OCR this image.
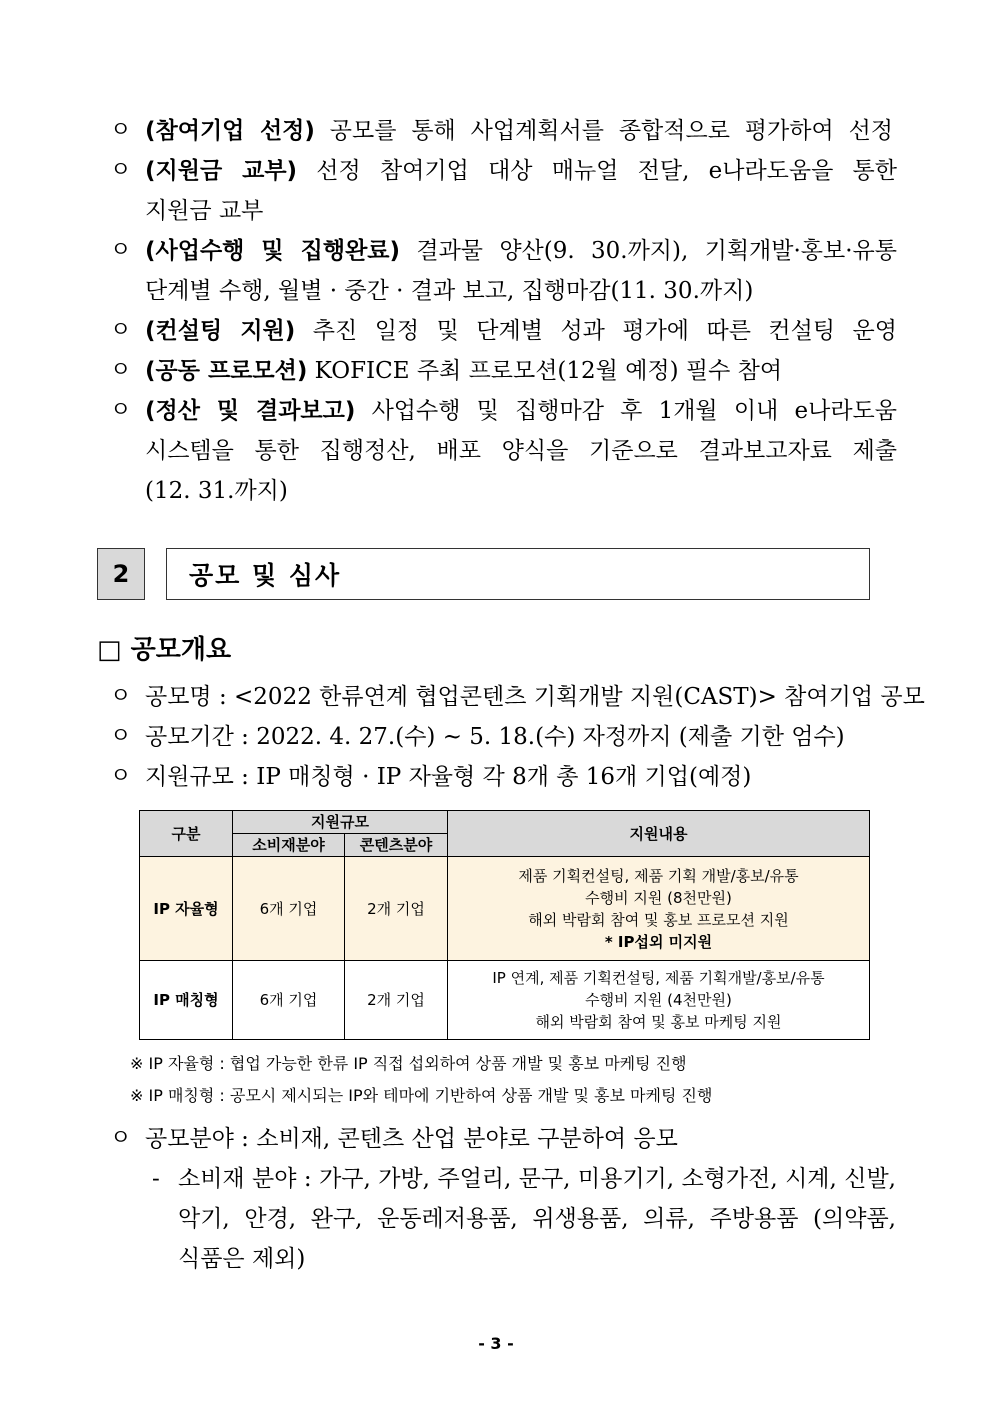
ㅇ (참여기업 선정) 공모를 통해 사업계획서를 종합적으로 평가하여 선정
ㅇ (지원금 교부) 선정 참여기업 대상 매뉴얼 전달, e나라도움을 통한
지원금 교부
ㅇ (사업수행 및 집행완료) 결과물 양산(9. 30.까지), 기획개발·홍보·유통
단계별 수행, 월별 · 중간 · 결과 보고, 집행마감(11. 30.까지)
ㅇ (컨설팅 지원) 추진 일정 및 단계별 성과 평가에 따른 컨설팅 운영
ㅇ (공동 프로모션) KOFICE 주최 프로모션(12월 예정) 필수 참여
ㅇ (정산 및 결과보고) 사업수행 및 집행마감 후 1개월 이내 e나라도움
시스템을 통한 집행정산, 배포 양식을 기준으로 결과보고자료 제출
(12. 31.까지)
2	공모 및 심사
□ 공모개요
ㅇ 공모명 : <2022 한류연계 협업콘텐츠 기획개발 지원(CAST)> 참여기업 공모
ㅇ 공모기간 : 2022. 4. 27.(수) ~ 5. 18.(수) 자정까지 (제출 기한 엄수)
ㅇ 지원규모 : IP 매칭형 · IP 자율형 각 8개 총 16개 기업(예정)
구분	지원규모		지원내용
	소비재분야	콘텐츠분야	
IP 자율형	6개 기업	2개 기업	제품 기획컨설팅, 제품 기획 개발/홍보/유통
수행비 지원 (8천만원)
해외 박람회 참여 및 홍보 프로모션 지원
* IP섭외 미지원

IP 매칭형	6개 기업	2개 기업	IP 연계, 제품 기획컨설팅, 제품 기획개발/홍보/유통
수행비 지원 (4천만원)
해외 박람회 참여 및 홍보 마케팅 지원
※ IP 자율형 : 협업 가능한 한류 IP 직접 섭외하여 상품 개발 및 홍보 마케팅 진행
※ IP 매칭형 : 공모시 제시되는 IP와 테마에 기반하여 상품 개발 및 홍보 마케팅 진행
ㅇ 공모분야 : 소비재, 콘텐츠 산업 분야로 구분하여 응모
- 소비재 분야 : 가구, 가방, 주얼리, 문구, 미용기기, 소형가전, 시계, 신발,
악기, 안경, 완구, 운동레저용품, 위생용품, 의류, 주방용품 (의약품,
식품은 제외)
- 3 -
